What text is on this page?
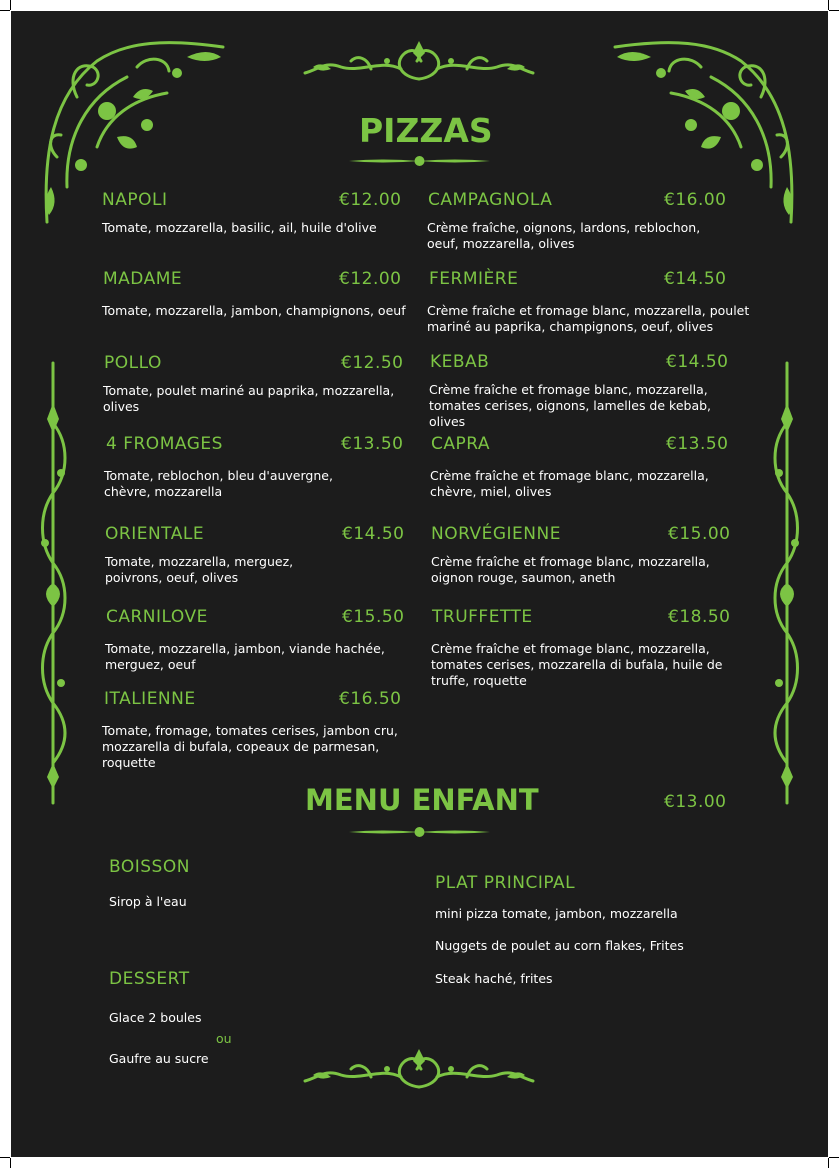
PIZZAS
NAPOLI	€12.00
Tomate, mozzarella, basilic, ail, huile d'olive
MADAME	€12.00
Tomate, mozzarella, jambon, champignons, oeuf
POLLO	€12.50
Tomate, poulet mariné au paprika, mozzarella, olives
4 FROMAGES	€13.50
Tomate, reblochon, bleu d'auvergne, chèvre, mozzarella
ORIENTALE	€14.50
Tomate, mozzarella, merguez, poivrons, oeuf, olives
CARNILOVE	€15.50
Tomate, mozzarella, jambon, viande hachée, merguez, oeuf
ITALIENNE	€16.50
Tomate, fromage, tomates cerises, jambon cru, mozzarella di bufala, copeaux de parmesan, roquette
CAMPAGNOLA	€16.00
Crème fraîche, oignons, lardons, reblochon, oeuf, mozzarella, olives
FERMIÈRE	€14.50
Crème fraîche et fromage blanc, mozzarella, poulet mariné au paprika, champignons, oeuf, olives
KEBAB	€14.50
Crème fraîche et fromage blanc, mozzarella, tomates cerises, oignons, lamelles de kebab, olives
CAPRA	€13.50
Crème fraîche et fromage blanc, mozzarella, chèvre, miel, olives
NORVÉGIENNE	€15.00
Crème fraîche et fromage blanc, mozzarella, oignon rouge, saumon, aneth
TRUFFETTE	€18.50
Crème fraîche et fromage blanc, mozzarella, tomates cerises, mozzarella di bufala, huile de truffe, roquette
MENU ENFANT	€13.00
BOISSON
Sirop à l'eau
DESSERT
Glace 2 boules
ou
Gaufre au sucre
PLAT PRINCIPAL
mini pizza tomate, jambon, mozzarella
Nuggets de poulet au corn flakes, Frites
Steak haché, frites
